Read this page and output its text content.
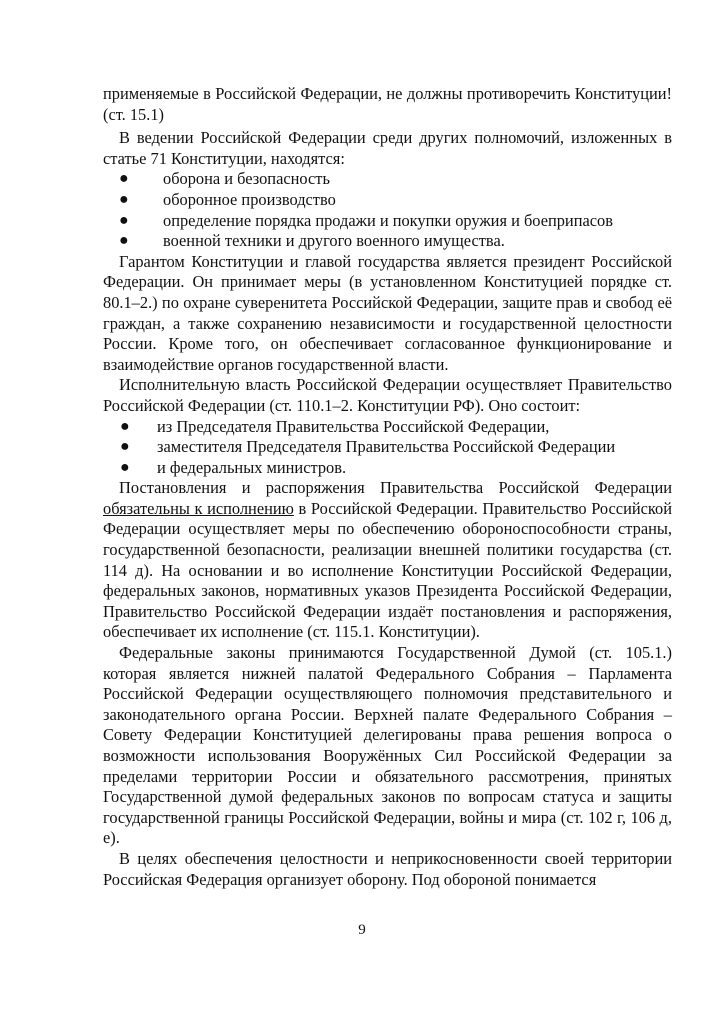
применяемые в Российской Федерации, не должны противоречить Конституции! (ст. 15.1)

В ведении Российской Федерации среди других полномочий, изложенных в статье 71 Конституции, находятся:

● оборона и безопасность
● оборонное производство
● определение порядка продажи и покупки оружия и боеприпасов
● военной техники и другого военного имущества.

Гарантом Конституции и главой государства является президент Российской Федерации. Он принимает меры (в установленном Конституцией порядке ст. 80.1–2.) по охране суверенитета Российской Федерации, защите прав и свобод её граждан, а также сохранению независимости и государственной целостности России. Кроме того, он обеспечивает согласованное функционирование и взаимодействие органов государственной власти.

Исполнительную власть Российской Федерации осуществляет Правительство Российской Федерации (ст. 110.1–2. Конституции РФ). Оно состоит:

● из Председателя Правительства Российской Федерации,
● заместителя Председателя Правительства Российской Федерации
● и федеральных министров.

Постановления и распоряжения Правительства Российской Федерации обязательны к исполнению в Российской Федерации. Правительство Российской Федерации осуществляет меры по обеспечению обороноспособности страны, государственной безопасности, реализации внешней политики государства (ст. 114 д). На основании и во исполнение Конституции Российской Федерации, федеральных законов, нормативных указов Президента Российской Федерации, Правительство Российской Федерации издаёт постановления и распоряжения, обеспечивает их исполнение (ст. 115.1. Конституции).

Федеральные законы принимаются Государственной Думой (ст. 105.1.) которая является нижней палатой Федерального Собрания – Парламента Российской Федерации осуществляющего полномочия представительного и законодательного органа России. Верхней палате Федерального Собрания – Совету Федерации Конституцией делегированы права решения вопроса о возможности использования Вооружённых Сил Российской Федерации за пределами территории России и обязательного рассмотрения, принятых Государственной думой федеральных законов по вопросам статуса и защиты государственной границы Российской Федерации, войны и мира (ст. 102 г, 106 д, е).

В целях обеспечения целостности и неприкосновенности своей территории Российская Федерация организует оборону. Под обороной понимается

9
